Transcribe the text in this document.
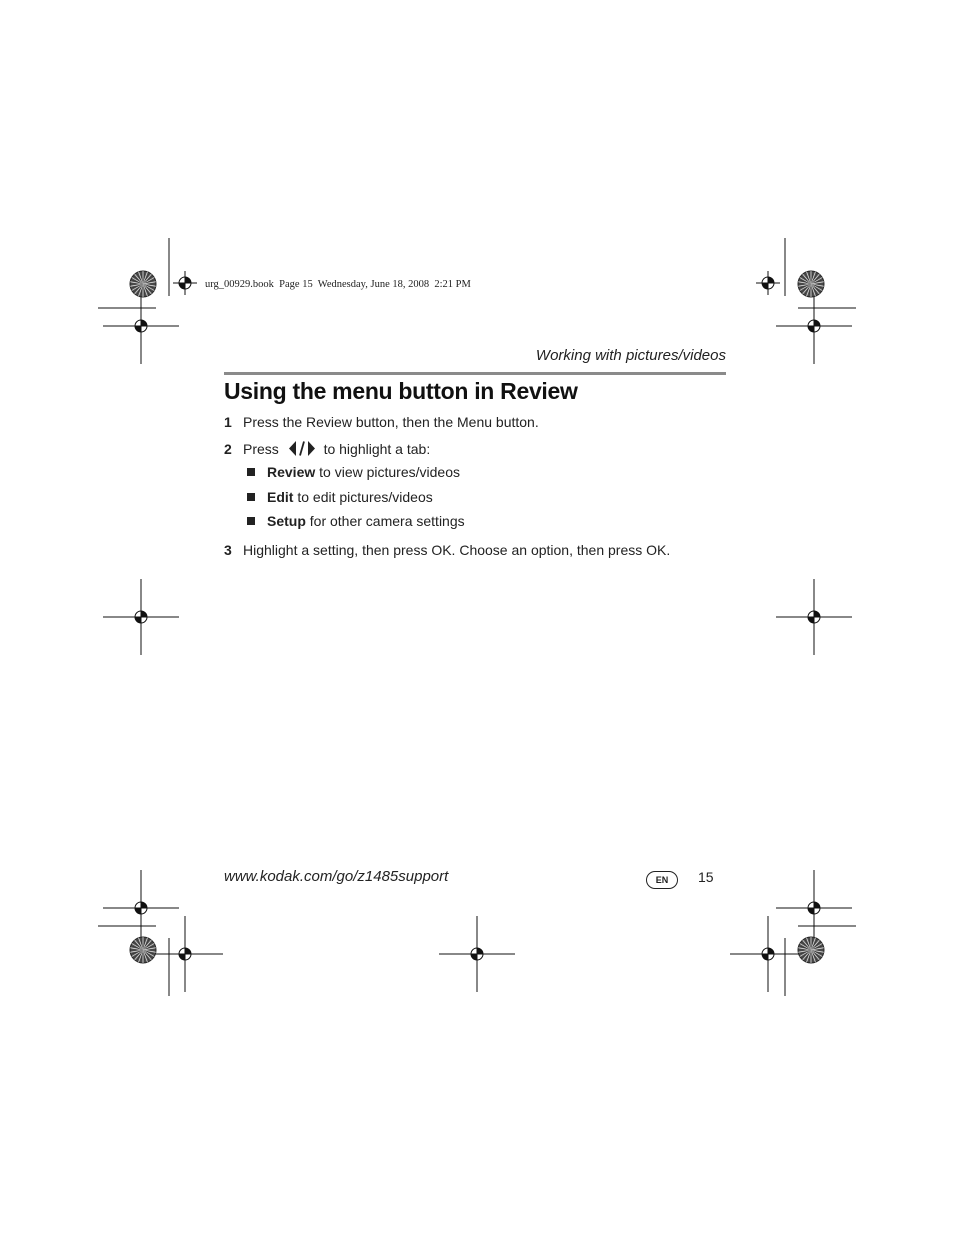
urg_00929.book  Page 15  Wednesday, June 18, 2008  2:21 PM
Working with pictures/videos
Using the menu button in Review
1 Press the Review button, then the Menu button.
2 Press	to highlight a tab:
Review to view pictures/videos
Edit to edit pictures/videos
Setup for other camera settings
3 Highlight a setting, then press OK. Choose an option, then press OK.
www.kodak.com/go/z1485support	EN	15
